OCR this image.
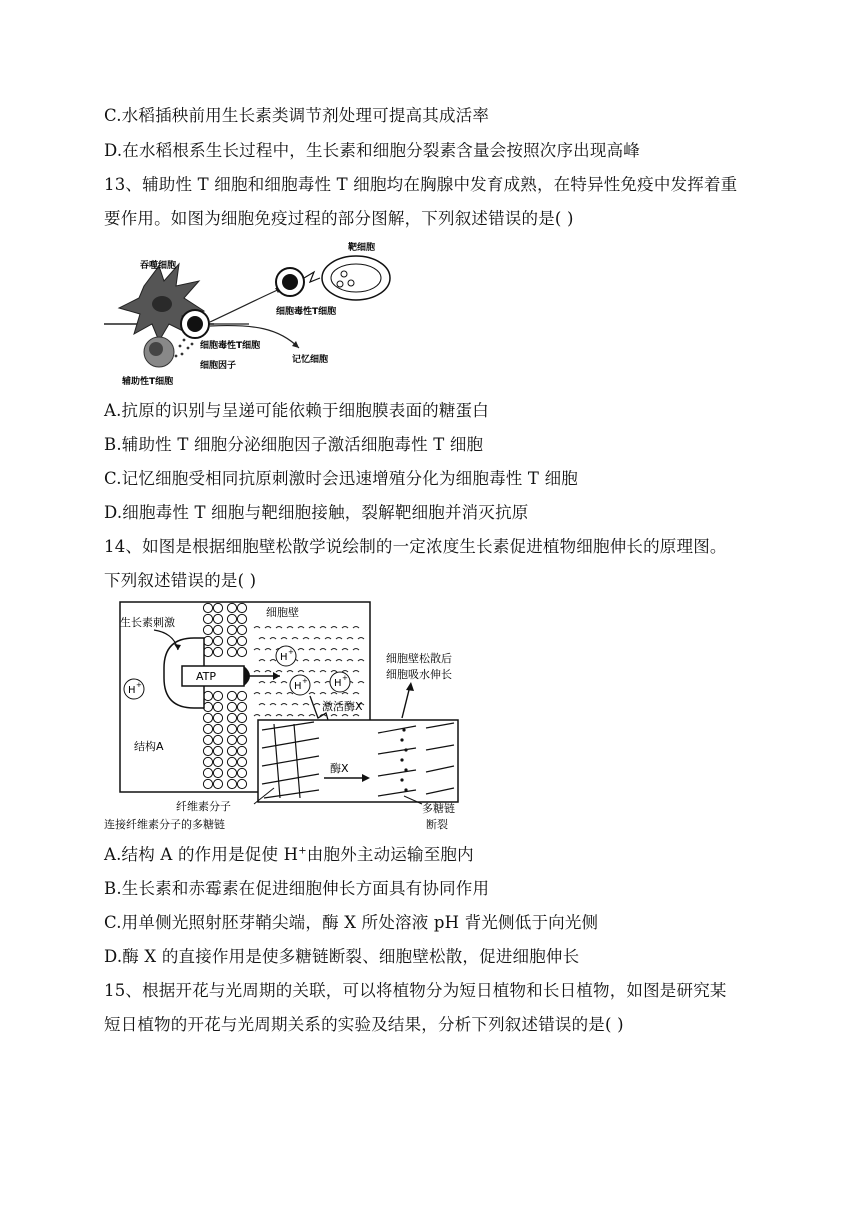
C.水稻插秧前用生长素类调节剂处理可提高其成活率
D.在水稻根系生长过程中，生长素和细胞分裂素含量会按照次序出现高峰
13、辅助性 T 细胞和细胞毒性 T 细胞均在胸腺中发育成熟，在特异性免疫中发挥着重
要作用。如图为细胞免疫过程的部分图解，下列叙述错误的是( )
吞噬细胞
靶细胞
细胞毒性T细胞
细胞毒性T细胞
记忆细胞
细胞因子
辅助性T细胞
A.抗原的识别与呈递可能依赖于细胞膜表面的糖蛋白
B.辅助性 T 细胞分泌细胞因子激活细胞毒性 T 细胞
C.记忆细胞受相同抗原刺激时会迅速增殖分化为细胞毒性 T 细胞
D.细胞毒性 T 细胞与靶细胞接触，裂解靶细胞并消灭抗原
14、如图是根据细胞壁松散学说绘制的一定浓度生长素促进植物细胞伸长的原理图。
下列叙述错误的是( )
生长素刺激
细胞壁
H +
H +
H +	H +
ATP
细胞壁松散后
细胞吸水伸长
激活酶X
结构A
酶X
纤维素分子
连接纤维素分子的多糖链
多糖链
断裂
A.结构 A 的作用是促使 H+由胞外主动运输至胞内
B.生长素和赤霉素在促进细胞伸长方面具有协同作用
C.用单侧光照射胚芽鞘尖端，酶 X 所处溶液 pH 背光侧低于向光侧
D.酶 X 的直接作用是使多糖链断裂、细胞壁松散，促进细胞伸长
15、根据开花与光周期的关联，可以将植物分为短日植物和长日植物，如图是研究某
短日植物的开花与光周期关系的实验及结果，分析下列叙述错误的是( )
